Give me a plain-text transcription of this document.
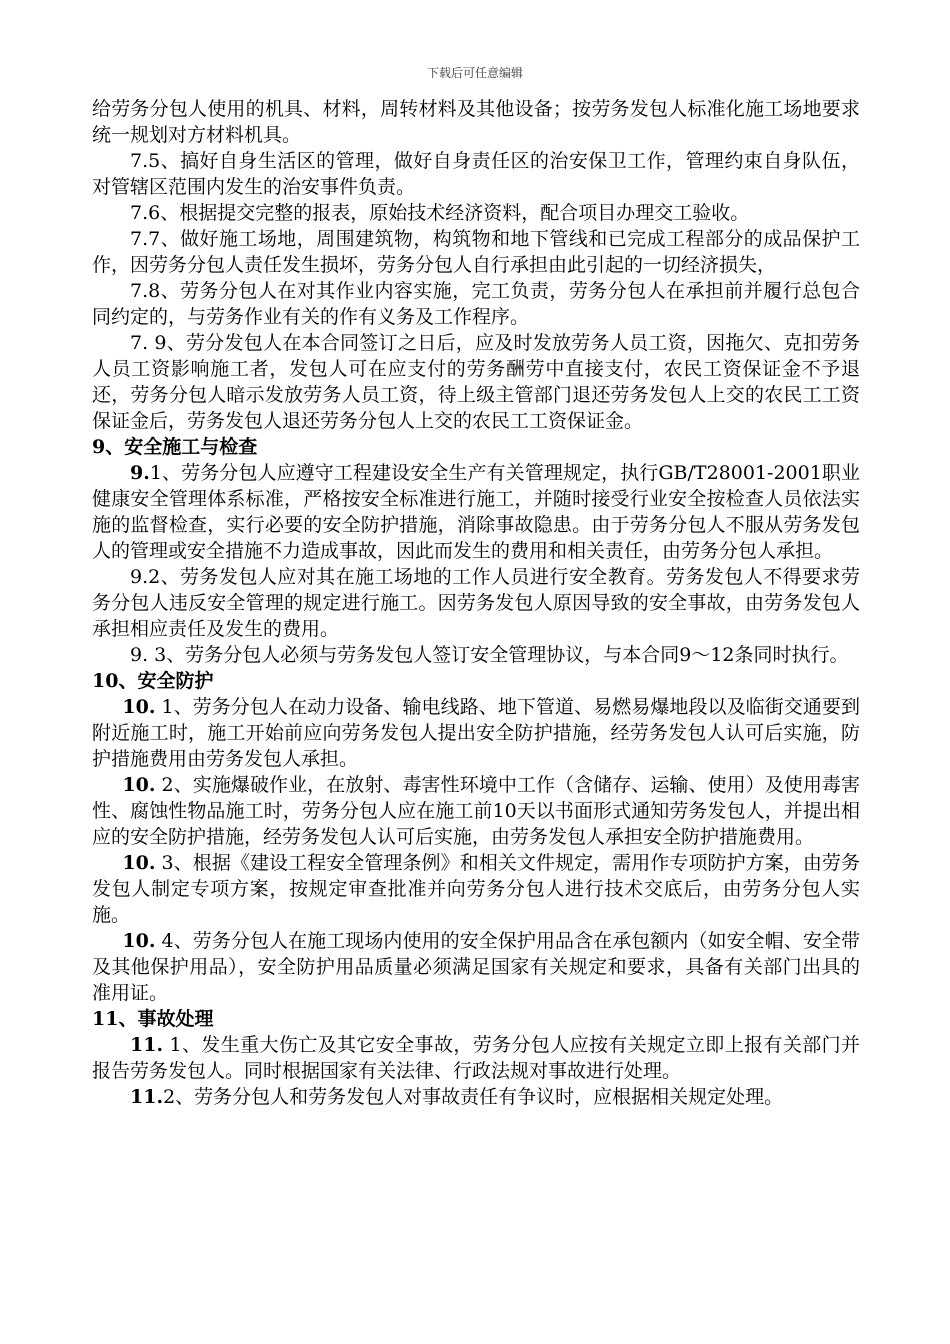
下载后可任意编辑

给劳务分包人使用的机具、材料，周转材料及其他设备；按劳务发包人标准化施工场地要求统一规划对方材料机具。

7.5、搞好自身生活区的管理，做好自身责任区的治安保卫工作，管理约束自身队伍，对管辖区范围内发生的治安事件负责。

7.6、根据提交完整的报表，原始技术经济资料，配合项目办理交工验收。

7.7、做好施工场地，周围建筑物，构筑物和地下管线和已完成工程部分的成品保护工作，因劳务分包人责任发生损坏，劳务分包人自行承担由此引起的一切经济损失，

7.8、劳务分包人在对其作业内容实施，完工负责，劳务分包人在承担前并履行总包合同约定的，与劳务作业有关的作有义务及工作程序。

7. 9、劳分发包人在本合同签订之日后，应及时发放劳务人员工资，因拖欠、克扣劳务人员工资影响施工者，发包人可在应支付的劳务酬劳中直接支付，农民工资保证金不予退还，劳务分包人暗示发放劳务人员工资，待上级主管部门退还劳务发包人上交的农民工工资保证金后，劳务发包人退还劳务分包人上交的农民工工资保证金。

9、安全施工与检查

9.1、劳务分包人应遵守工程建设安全生产有关管理规定，执行GB/T28001-2001职业健康安全管理体系标准，严格按安全标准进行施工，并随时接受行业安全按检查人员依法实施的监督检查，实行必要的安全防护措施，消除事故隐患。由于劳务分包人不服从劳务发包人的管理或安全措施不力造成事故，因此而发生的费用和相关责任，由劳务分包人承担。

9.2、劳务发包人应对其在施工场地的工作人员进行安全教育。劳务发包人不得要求劳务分包人违反安全管理的规定进行施工。因劳务发包人原因导致的安全事故，由劳务发包人承担相应责任及发生的费用。

9. 3、劳务分包人必须与劳务发包人签订安全管理协议，与本合同9～12条同时执行。

10、安全防护

10. 1、劳务分包人在动力设备、输电线路、地下管道、易燃易爆地段以及临街交通要到附近施工时，施工开始前应向劳务发包人提出安全防护措施，经劳务发包人认可后实施，防护措施费用由劳务发包人承担。

10. 2、实施爆破作业，在放射、毒害性环境中工作（含储存、运输、使用）及使用毒害性、腐蚀性物品施工时，劳务分包人应在施工前10天以书面形式通知劳务发包人，并提出相应的安全防护措施，经劳务发包人认可后实施，由劳务发包人承担安全防护措施费用。

10. 3、根据《建设工程安全管理条例》和相关文件规定，需用作专项防护方案，由劳务发包人制定专项方案，按规定审查批准并向劳务分包人进行技术交底后，由劳务分包人实施。

10. 4、劳务分包人在施工现场内使用的安全保护用品含在承包额内（如安全帽、安全带及其他保护用品），安全防护用品质量必须满足国家有关规定和要求，具备有关部门出具的准用证。

11、事故处理

11. 1、发生重大伤亡及其它安全事故，劳务分包人应按有关规定立即上报有关部门并报告劳务发包人。同时根据国家有关法律、行政法规对事故进行处理。

11.2、劳务分包人和劳务发包人对事故责任有争议时，应根据相关规定处理。
